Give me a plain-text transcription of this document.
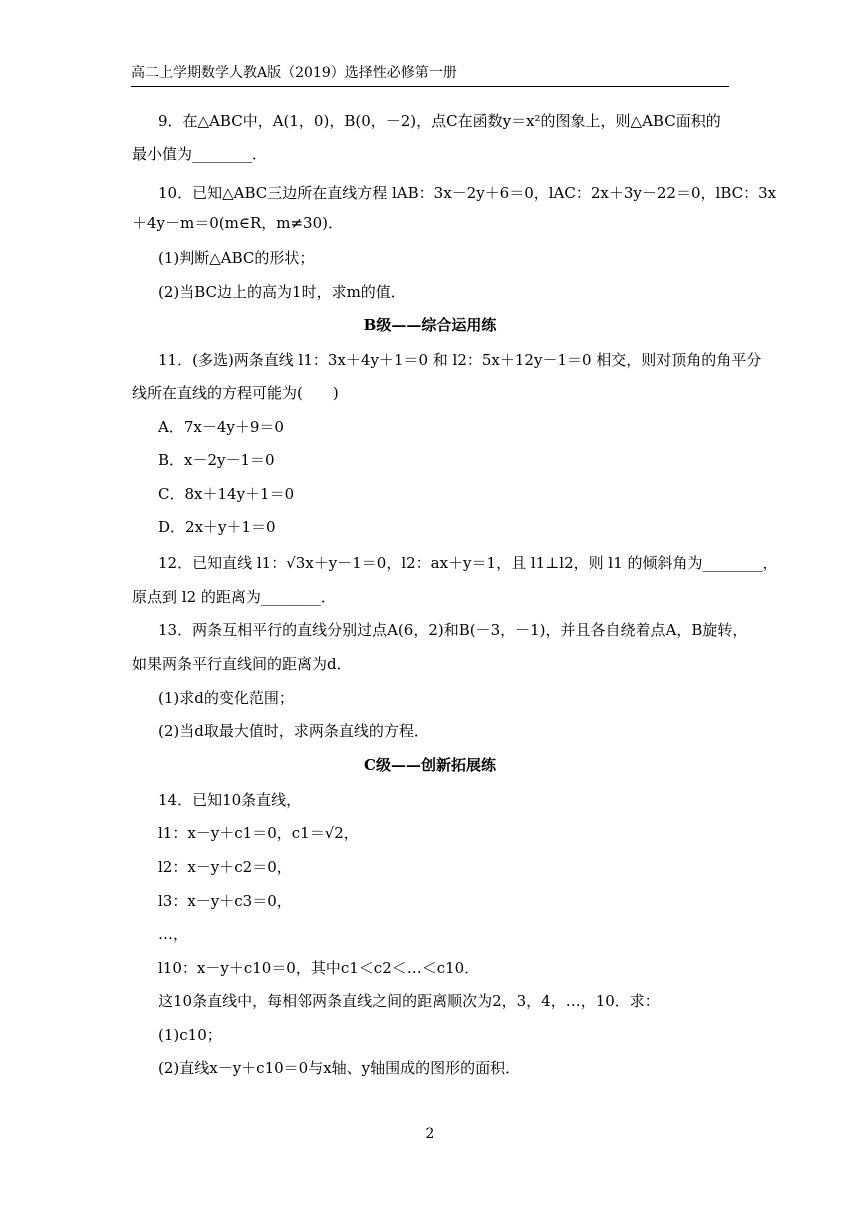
高二上学期数学人教A版（2019）选择性必修第一册
9．在△ABC中，A(1，0)，B(0，－2)，点C在函数y＝x²的图象上，则△ABC面积的
最小值为________．
10．已知△ABC三边所在直线方程 lAB：3x－2y＋6＝0，lAC：2x＋3y－22＝0，lBC：3x
＋4y－m＝0(m∈R，m≠30)．
(1)判断△ABC的形状；
(2)当BC边上的高为1时，求m的值．
B级——综合运用练
11．(多选)两条直线 l1：3x＋4y＋1＝0 和 l2：5x＋12y－1＝0 相交，则对顶角的角平分
线所在直线的方程可能为(　　)
A．7x－4y＋9＝0
B．x－2y－1＝0
C．8x＋14y＋1＝0
D．2x＋y＋1＝0
12．已知直线 l1：√3x＋y－1＝0，l2：ax＋y＝1，且 l1⊥l2，则 l1 的倾斜角为________，
原点到 l2 的距离为________．
13．两条互相平行的直线分别过点A(6，2)和B(－3，－1)，并且各自绕着点A，B旋转，
如果两条平行直线间的距离为d．
(1)求d的变化范围；
(2)当d取最大值时，求两条直线的方程．
C级——创新拓展练
14．已知10条直线，
l1：x－y＋c1＝0，c1＝√2，
l2：x－y＋c2＝0，
l3：x－y＋c3＝0，
…，
l10：x－y＋c10＝0，其中c1＜c2＜…＜c10．
这10条直线中，每相邻两条直线之间的距离顺次为2，3，4，…，10．求：
(1)c10；
(2)直线x－y＋c10＝0与x轴、y轴围成的图形的面积．
2
